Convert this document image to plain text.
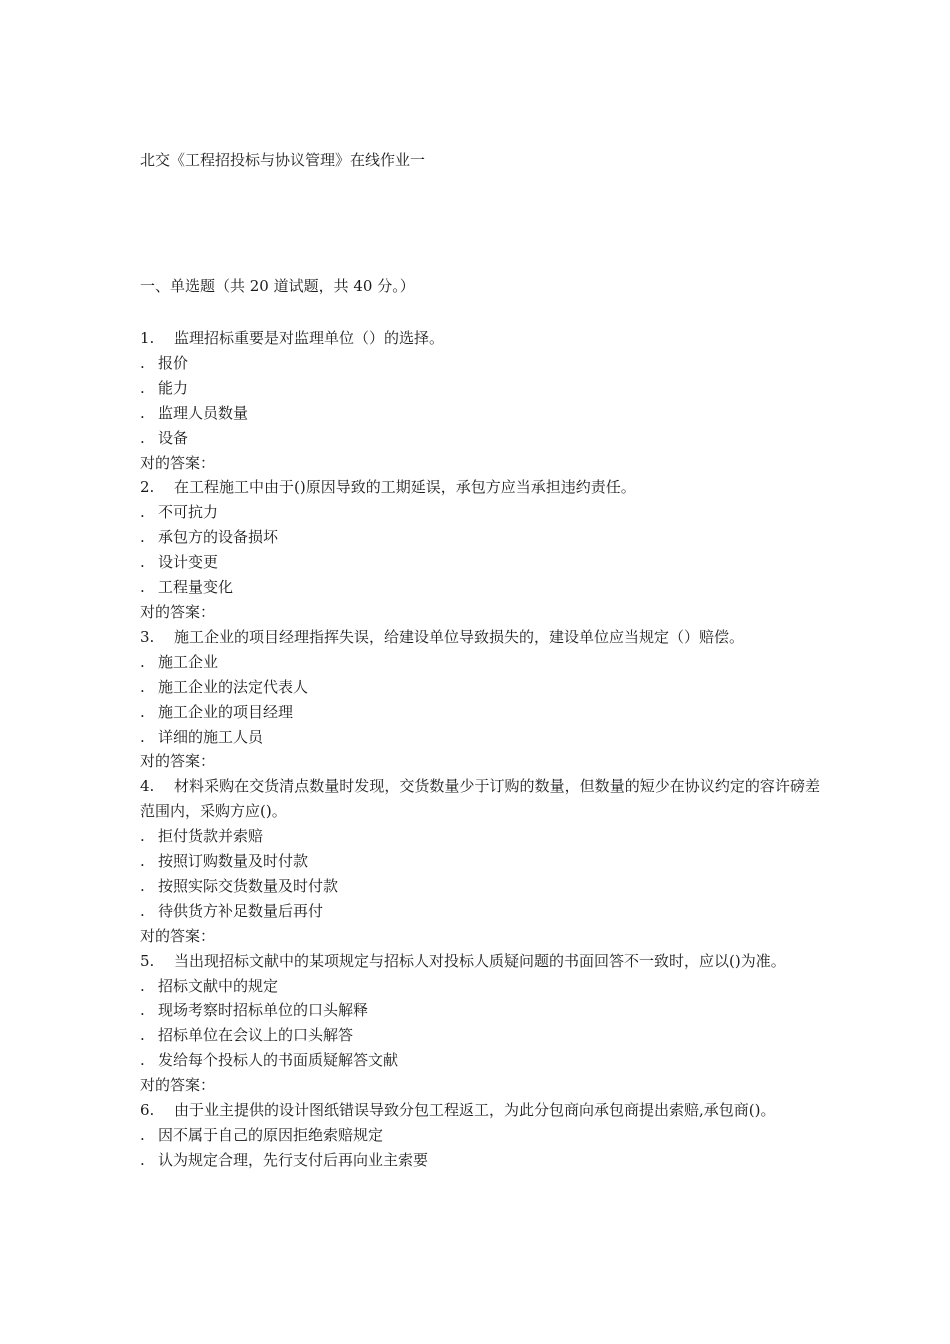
北交《工程招投标与协议管理》在线作业一
一、单选题（共 20 道试题，共 40 分。）
1. 监理招标重要是对监理单位（）的选择。
. 报价
. 能力
. 监理人员数量
. 设备
对的答案：
2. 在工程施工中由于()原因导致的工期延误，承包方应当承担违约责任。
. 不可抗力
. 承包方的设备损坏
. 设计变更
. 工程量变化
对的答案：
3. 施工企业的项目经理指挥失误，给建设单位导致损失的，建设单位应当规定（）赔偿。
. 施工企业
. 施工企业的法定代表人
. 施工企业的项目经理
. 详细的施工人员
对的答案：
4. 材料采购在交货清点数量时发现，交货数量少于订购的数量，但数量的短少在协议约定的容许磅差范围内，采购方应()。
. 拒付货款并索赔
. 按照订购数量及时付款
. 按照实际交货数量及时付款
. 待供货方补足数量后再付
对的答案：
5. 当出现招标文献中的某项规定与招标人对投标人质疑问题的书面回答不一致时，应以()为准。
. 招标文献中的规定
. 现场考察时招标单位的口头解释
. 招标单位在会议上的口头解答
. 发给每个投标人的书面质疑解答文献
对的答案：
6. 由于业主提供的设计图纸错误导致分包工程返工，为此分包商向承包商提出索赔,承包商()。
. 因不属于自己的原因拒绝索赔规定
. 认为规定合理，先行支付后再向业主索要
